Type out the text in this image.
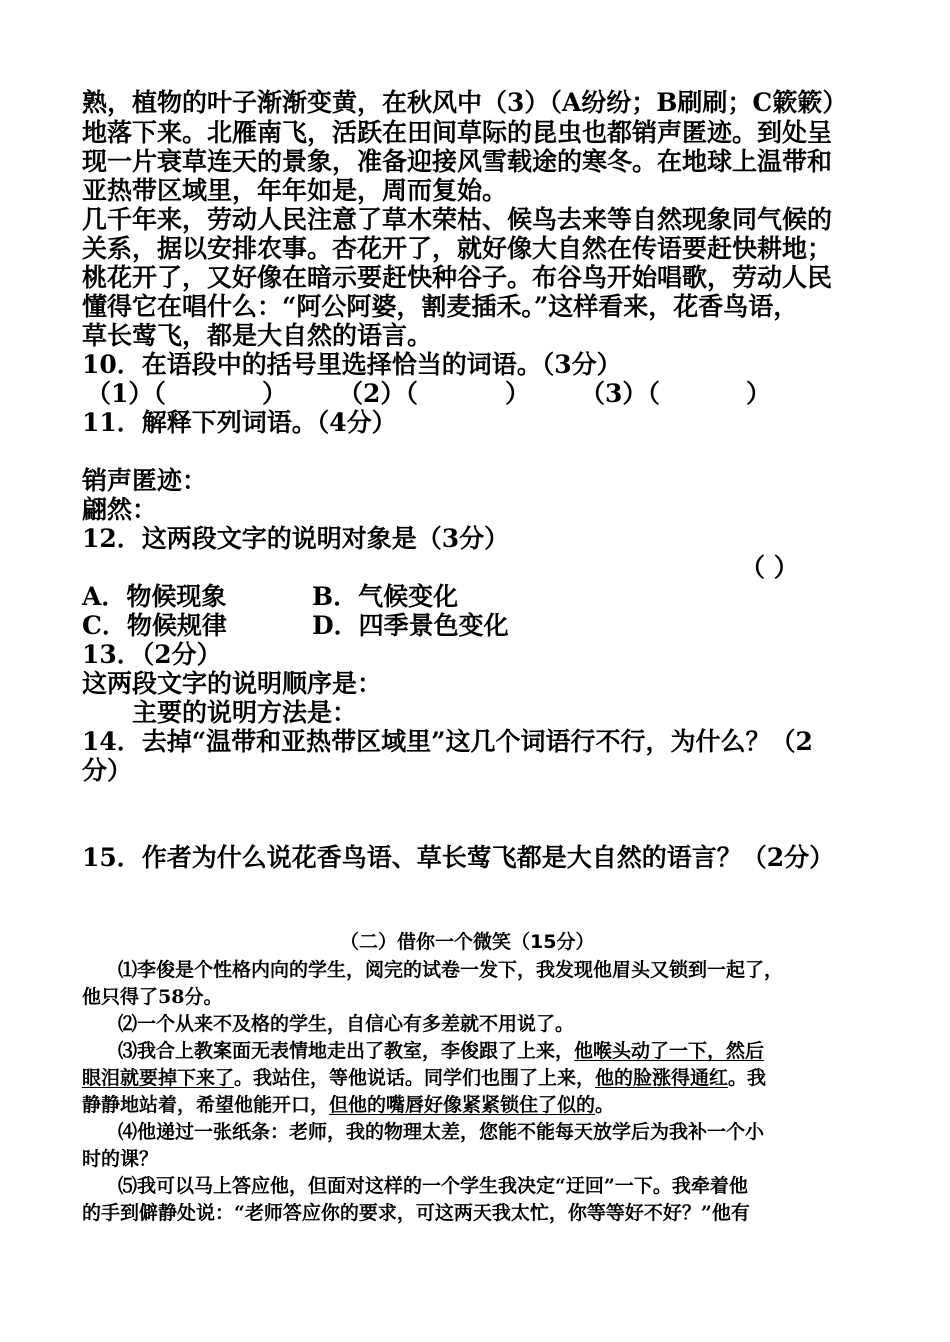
熟，植物的叶子渐渐变黄，在秋风中（3）（A纷纷；B刷刷；C簌簌）
地落下来。北雁南飞，活跃在田间草际的昆虫也都销声匿迹。到处呈
现一片衰草连天的景象，准备迎接风雪载途的寒冬。在地球上温带和
亚热带区域里，年年如是，周而复始。
几千年来，劳动人民注意了草木荣枯、候鸟去来等自然现象同气候的
关系，据以安排农事。杏花开了，就好像大自然在传语要赶快耕地；
桃花开了，又好像在暗示要赶快种谷子。布谷鸟开始唱歌，劳动人民
懂得它在唱什么：“阿公阿婆，割麦插禾。”这样看来，花香鸟语，
草长莺飞，都是大自然的语言。
10．在语段中的括号里选择恰当的词语。（3分）
（1）（	） （2）（	） （3）（	）
11．解释下列词语。（4分）
销声匿迹：
翩然：
12．这两段文字的说明对象是（3分）
（ ）
A．物候现象	B．气候变化
C．物候规律	D．四季景色变化
13．（2分）
这两段文字的说明顺序是：
主要的说明方法是：
14．去掉“温带和亚热带区域里”这几个词语行不行，为什么？（2
分）
15．作者为什么说花香鸟语、草长莺飞都是大自然的语言？（2分）
（二）借你一个微笑（15分）
⑴李俊是个性格内向的学生，阅完的试卷一发下，我发现他眉头又锁到一起了，
他只得了58分。
⑵一个从来不及格的学生，自信心有多差就不用说了。
⑶我合上教案面无表情地走出了教室，李俊跟了上来，他喉头动了一下，然后
眼泪就要掉下来了。我站住，等他说话。同学们也围了上来，他的脸涨得通红。我
静静地站着，希望他能开口，但他的嘴唇好像紧紧锁住了似的。
⑷他递过一张纸条：老师，我的物理太差，您能不能每天放学后为我补一个小
时的课？
⑸我可以马上答应他，但面对这样的一个学生我决定“迂回”一下。我牵着他
的手到僻静处说：“老师答应你的要求，可这两天我太忙，你等等好不好？”他有
